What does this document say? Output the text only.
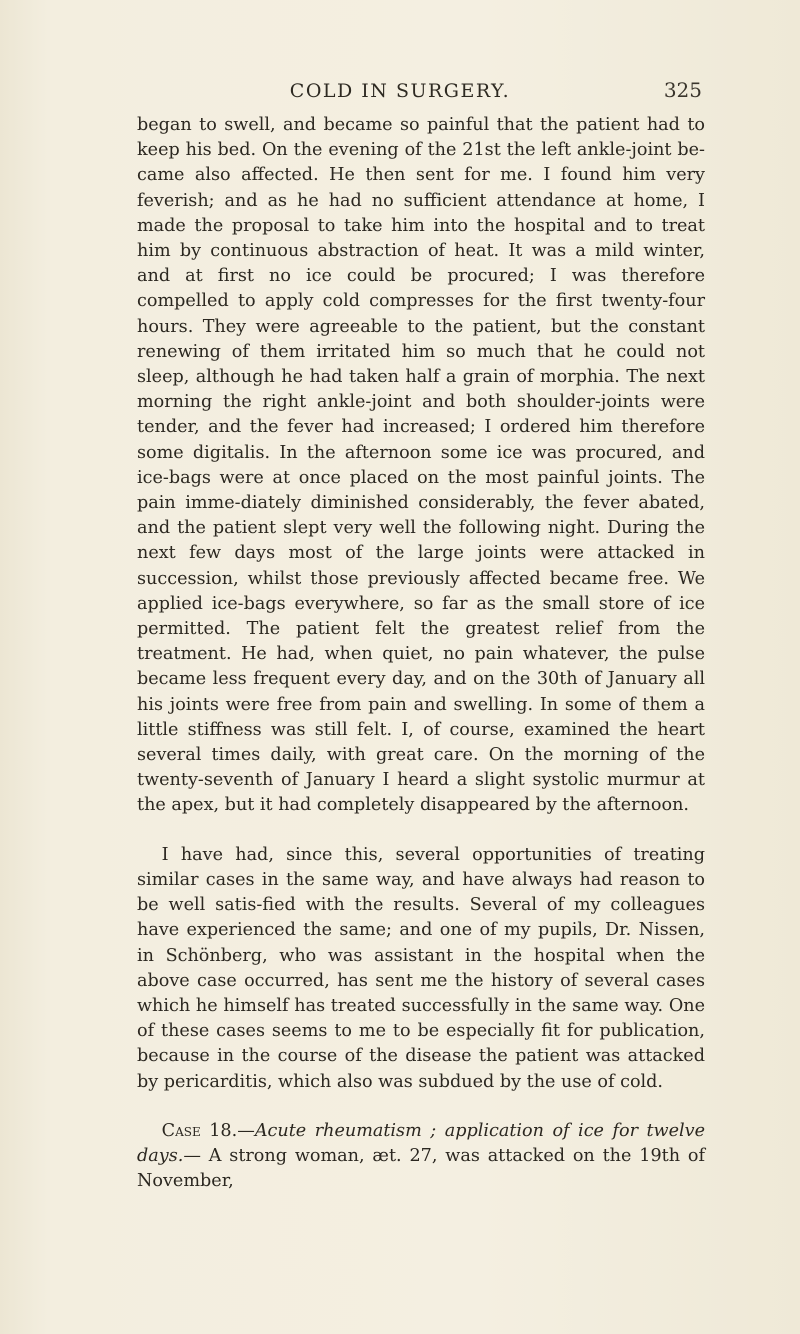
COLD IN SURGERY.	325

began to swell, and became so painful that the patient had to keep his bed. On the evening of the 21st the left ankle-joint be-came also affected. He then sent for me. I found him very feverish; and as he had no sufficient attendance at home, I made the proposal to take him into the hospital and to treat him by continuous abstraction of heat. It was a mild winter, and at first no ice could be procured; I was therefore compelled to apply cold compresses for the first twenty-four hours. They were agreeable to the patient, but the constant renewing of them irritated him so much that he could not sleep, although he had taken half a grain of morphia. The next morning the right ankle-joint and both shoulder-joints were tender, and the fever had increased; I ordered him therefore some digitalis. In the afternoon some ice was procured, and ice-bags were at once placed on the most painful joints. The pain imme-diately diminished considerably, the fever abated, and the patient slept very well the following night. During the next few days most of the large joints were attacked in succession, whilst those previously affected became free. We applied ice-bags everywhere, so far as the small store of ice permitted. The patient felt the greatest relief from the treatment. He had, when quiet, no pain whatever, the pulse became less frequent every day, and on the 30th of January all his joints were free from pain and swelling. In some of them a little stiffness was still felt. I, of course, examined the heart several times daily, with great care. On the morning of the twenty-seventh of January I heard a slight systolic murmur at the apex, but it had completely disappeared by the afternoon.

I have had, since this, several opportunities of treating similar cases in the same way, and have always had reason to be well satis-fied with the results. Several of my colleagues have experienced the same; and one of my pupils, Dr. Nissen, in Schönberg, who was assistant in the hospital when the above case occurred, has sent me the history of several cases which he himself has treated successfully in the same way. One of these cases seems to me to be especially fit for publication, because in the course of the disease the patient was attacked by pericarditis, which also was subdued by the use of cold.

Case 18.—Acute rheumatism ; application of ice for twelve days.— A strong woman, æt. 27, was attacked on the 19th of November,
